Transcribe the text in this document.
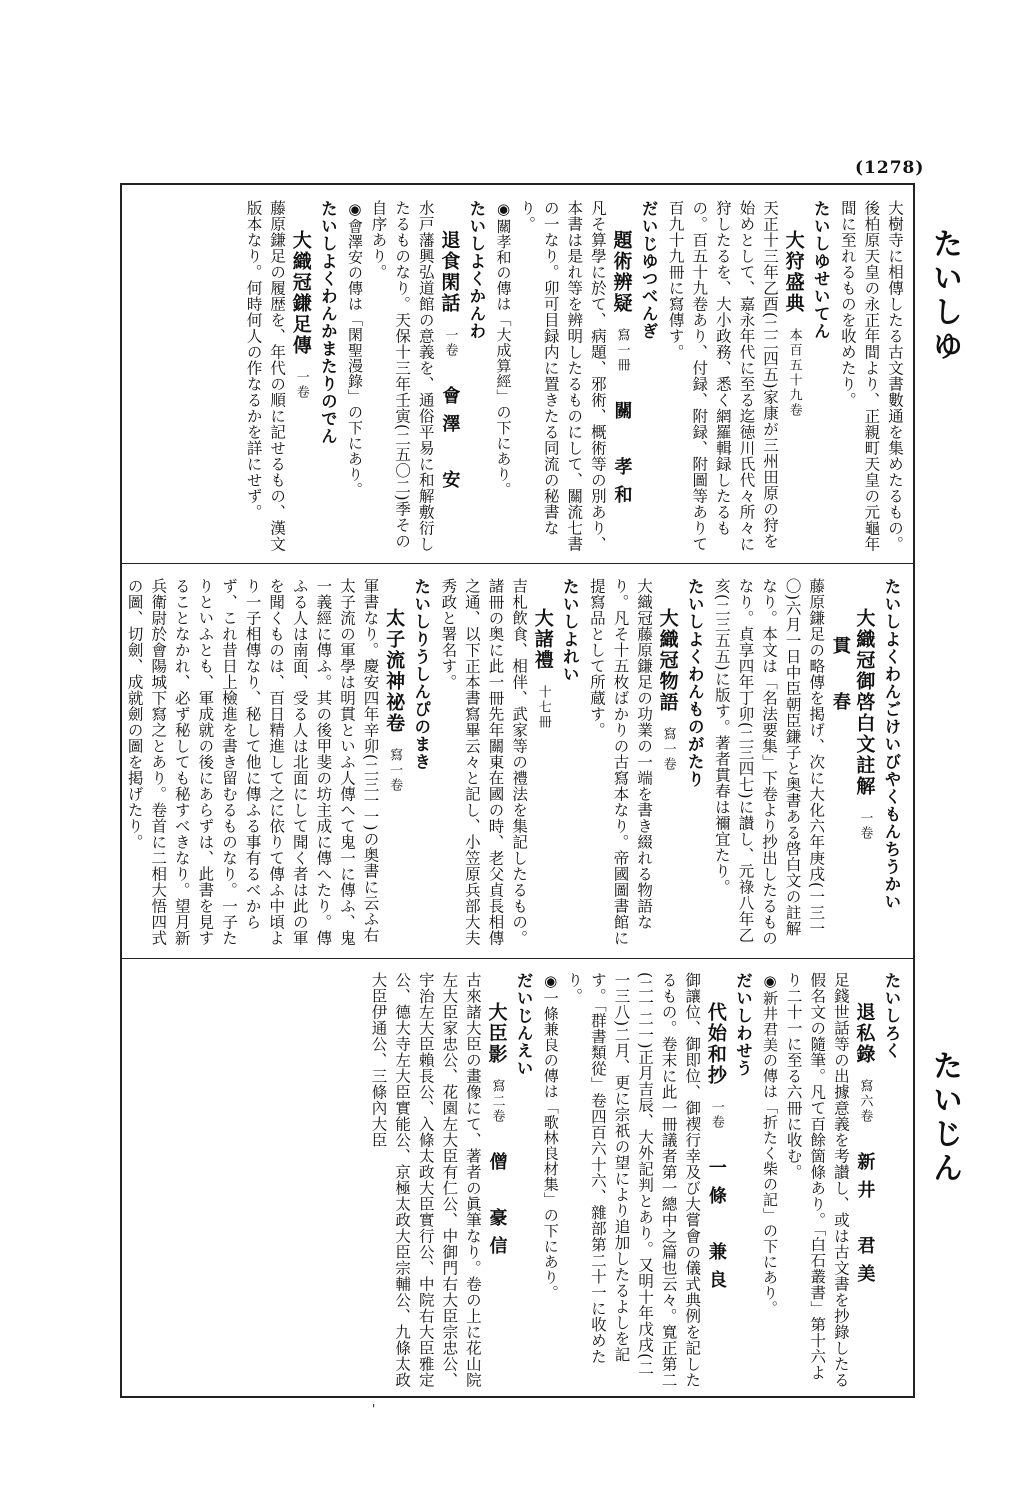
(1278)
たいしゆ
たいじん

大樹寺に相傳したる古文書數通を集めたるもの。

後柏原天皇の永正年間より、正親町天皇の元龜年間に至れるものを收めたり。

たいしゆせいてん

大狩盛典本百五十九卷

天正十三年乙酉(二二四五)家康が三州田原の狩を始めとして、嘉永年代に至る迄徳川氏代々所々に狩したるを、大小政務、悉く網羅輯録したるもの。百五十九卷あり、付録、附録、附圖等ありて百九十九冊に寫傳す。

だいじゆつべんぎ

題術辨疑寫一冊關　孝和

凡そ算學に於て、病題、邪術、概術等の別あり、本書は是れ等を辨明したるものにして、關流七書の一なり。卯可目録内に置きたる同流の秘書なり。

◉關孝和の傳は「大成算經」の下にあり。

たいしよくかんわ

退食閑話一卷會澤　安

水戸藩興弘道館の意義を、通俗平易に和解敷衍したるものなり。天保十三年壬寅(二五〇二)季その自序あり。

◉會澤安の傳は「閑聖漫錄」の下にあり。

たいしよくわんかまたりのでん

大織冠鎌足傳一卷

藤原鎌足の履歴を、年代の順に記せるもの、漢文版本なり。何時何人の作なるかを詳にせず。

たいしよくわんごけいびやくもんちうかい

大織冠御啓白文註解一卷貫　春

藤原鎌足の略傳を掲げ、次に大化六年庚戌(一三一〇)六月一日中臣朝臣鎌子と奥書ある啓白文の註解なり。本文は「名法要集」下卷より抄出したるものなり。貞享四年丁卯(二三四七)に讃し、元祿八年乙亥(二三五五)に版す。著者貫春は禰宜たり。

たいしよくわんものがたり

大織冠物語寫一卷

大織冠藤原鎌足の功業の一端を書き綴れる物語なり。凡そ十五枚ばかりの古寫本なり。帝國圖書館に提寫品として所蔵す。

たいしよれい

大諸禮十七冊

吉札飲食、相伴、武家等の禮法を集記したるもの。諸冊の奥に此一冊先年關東在國の時、老父貞長相傳之通、以下正本書寫畢云々と記し、小笠原兵部大夫秀政と署名す。

たいしりうしんぴのまき

太子流神祕卷寫一卷

軍書なり。慶安四年辛卯(二三一一)の奥書に云ふ右太子流の軍學は明貫といふ人傳へて鬼一に傳ふ、鬼一義經に傳ふ。其の後甲斐の坊主成に傳へたり。傳ふる人は南面、受る人は北面にして聞く者は此の軍を聞くものは、百日精進して之に依りて傳ふ中頃より一子相傳なり、秘して他に傳ふる事有るべからず、これ昔日上檢進を書き留むるものなり。一子たりといふとも、軍成就の後にあらずは、此書を見することなかれ、必ず秘しても秘すべきなり。望月新兵衛尉於會陽城下寫之とあり。卷首に二相大悟四式の圖、切劍、成就劍の圖を掲げたり。

たいしろく

退私錄寫六卷新井　君美

足錢世話等の出據意義を考讃し、或は古文書を抄錄したる假名文の隨筆。凡て百餘箇條あり。「白石叢書」第十六より二十一に至る六冊に收む。

◉新井君美の傳は「折たく柴の記」の下にあり。

だいしわせう

代始和抄一卷一條　兼良

御讓位、御即位、御禊行幸及び大嘗會の儀式典例を記したるもの。卷末に此一冊議者第一總中之篇也云々。寬正第二(二一二一)正月吉辰、大外記判とあり。又明十年戊戌(二一三八)二月、更に宗祇の望により追加したるよしを記す。「群書類從」卷四百六十六、雜部第二十一に收めたり。

◉一條兼良の傳は「歌林良材集」の下にあり。

だいじんえい

大臣影寫二卷僧　豪信

古來諸大臣の畫像にて、著者の眞筆なり。卷の上に花山院左大臣家忠公、花園左大臣有仁公、中御門右大臣宗忠公、宇治左大臣賴長公、入條太政大臣實行公、中院右大臣雅定公、德大寺左大臣實能公、京極太政大臣宗輔公、九條太政大臣伊通公、三條內大臣

'
